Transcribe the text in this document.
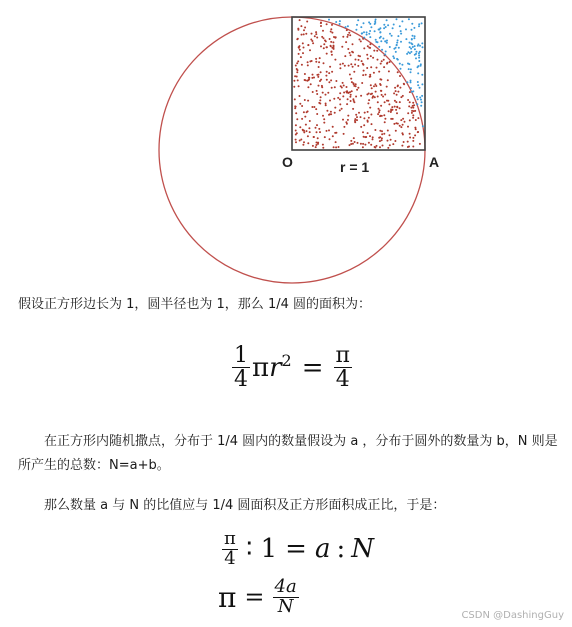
O	r = 1	A

假设正方形边长为 1，圆半径也为 1，那么 1/4 圆的面积为：

$\frac{1}{4}$ π $r^2 = \frac{\pi}{4}$

在正方形内随机撒点，分布于 1/4 圆内的数量假设为 a ，分布于圆外的数量为 b，N 则是所产生的总数：N=a+b。

那么数量 a 与 N 的比值应与 1/4 圆面积及正方形面积成正比，于是：

$\frac{\pi}{4}$ ∶ 1 = a : N
$\pi = \frac{4a}{N}$	CSDN @DashingGuy
